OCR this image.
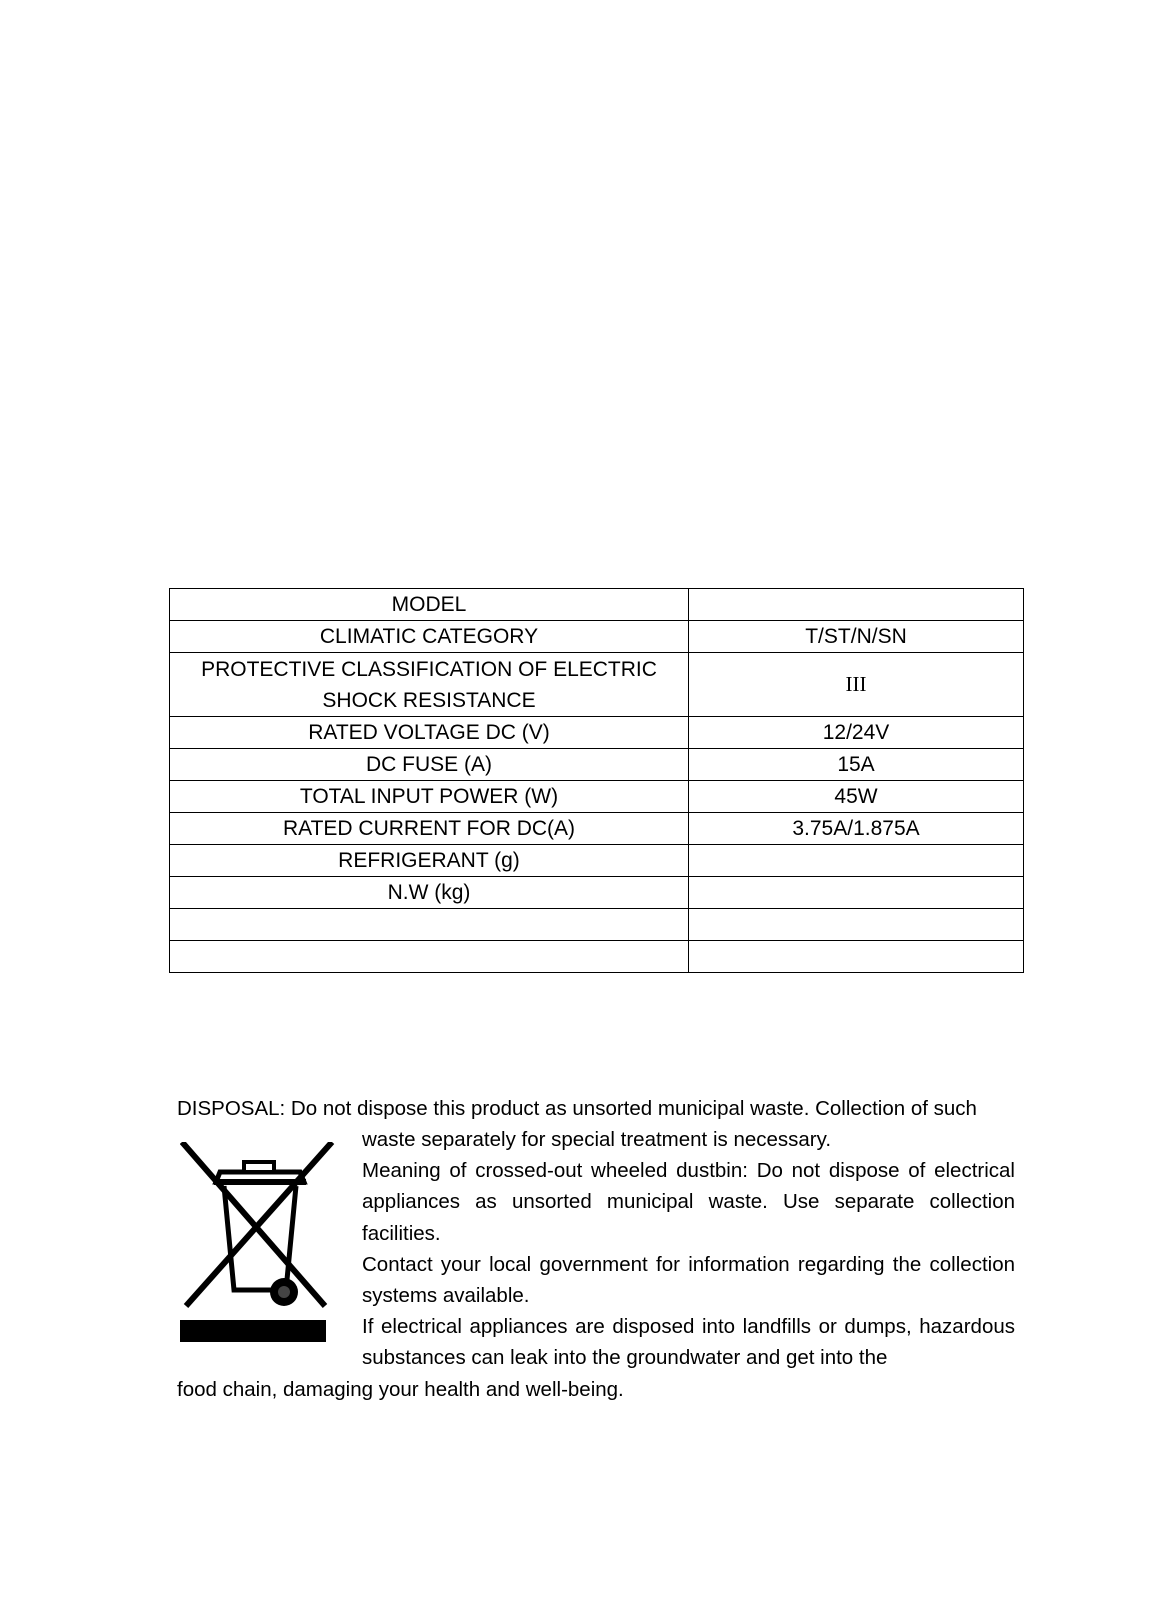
MODEL	
CLIMATIC CATEGORY	T/ST/N/SN

PROTECTIVE CLASSIFICATION OF ELECTRIC
SHOCK RESISTANCE	III
RATED VOLTAGE DC (V)	12/24V
DC FUSE (A)	15A
TOTAL INPUT POWER (W)	45W
RATED CURRENT FOR DC(A)	3.75A/1.875A
REFRIGERANT (g)	
N.W (kg)	

DISPOSAL: Do not dispose this product as unsorted municipal waste. Collection of such

waste separately for special treatment is necessary.

Meaning of crossed-out wheeled dustbin: Do not dispose of electrical appliances as unsorted municipal waste. Use separate collection facilities.

Contact your local government for information regarding the collection systems available.

If electrical appliances are disposed into landfills or dumps, hazardous substances can leak into the groundwater and get into the

food chain, damaging your health and well-being.
